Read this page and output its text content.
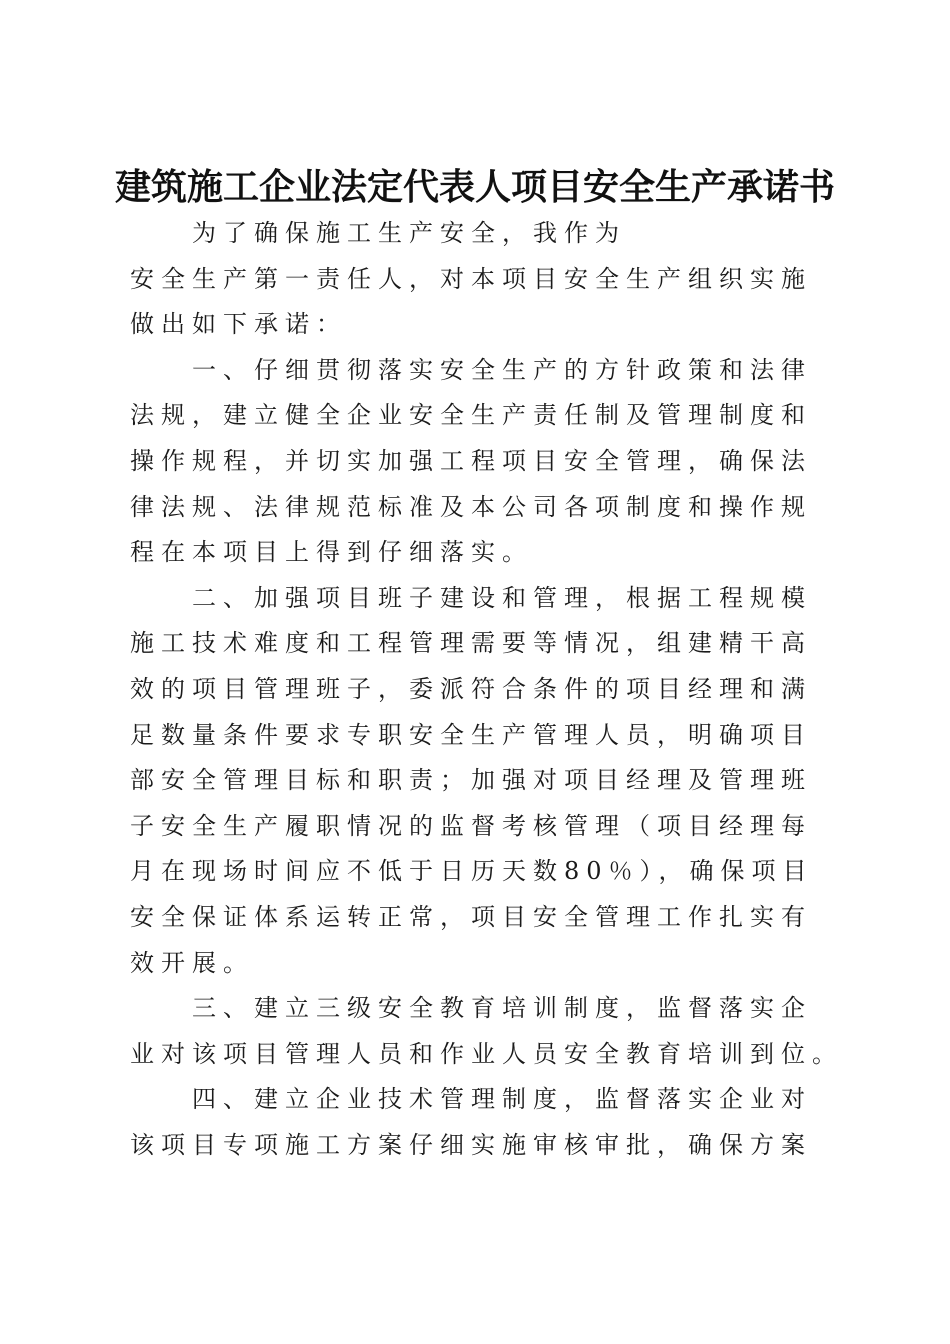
建筑施工企业法定代表人项目安全生产承诺书
为了确保施工生产安全，我作为
安全生产第一责任人，对本项目安全生产组织实施
做出如下承诺：
一、仔细贯彻落实安全生产的方针政策和法律
法规，建立健全企业安全生产责任制及管理制度和
操作规程，并切实加强工程项目安全管理，确保法
律法规、法律规范标准及本公司各项制度和操作规
程在本项目上得到仔细落实。
二、加强项目班子建设和管理，根据工程规模
施工技术难度和工程管理需要等情况，组建精干高
效的项目管理班子，委派符合条件的项目经理和满
足数量条件要求专职安全生产管理人员，明确项目
部安全管理目标和职责；加强对项目经理及管理班
子安全生产履职情况的监督考核管理（项目经理每
月在现场时间应不低于日历天数80％），确保项目
安全保证体系运转正常，项目安全管理工作扎实有
效开展。
三、建立三级安全教育培训制度，监督落实企
业对该项目管理人员和作业人员安全教育培训到位。
四、建立企业技术管理制度，监督落实企业对
该项目专项施工方案仔细实施审核审批，确保方案
